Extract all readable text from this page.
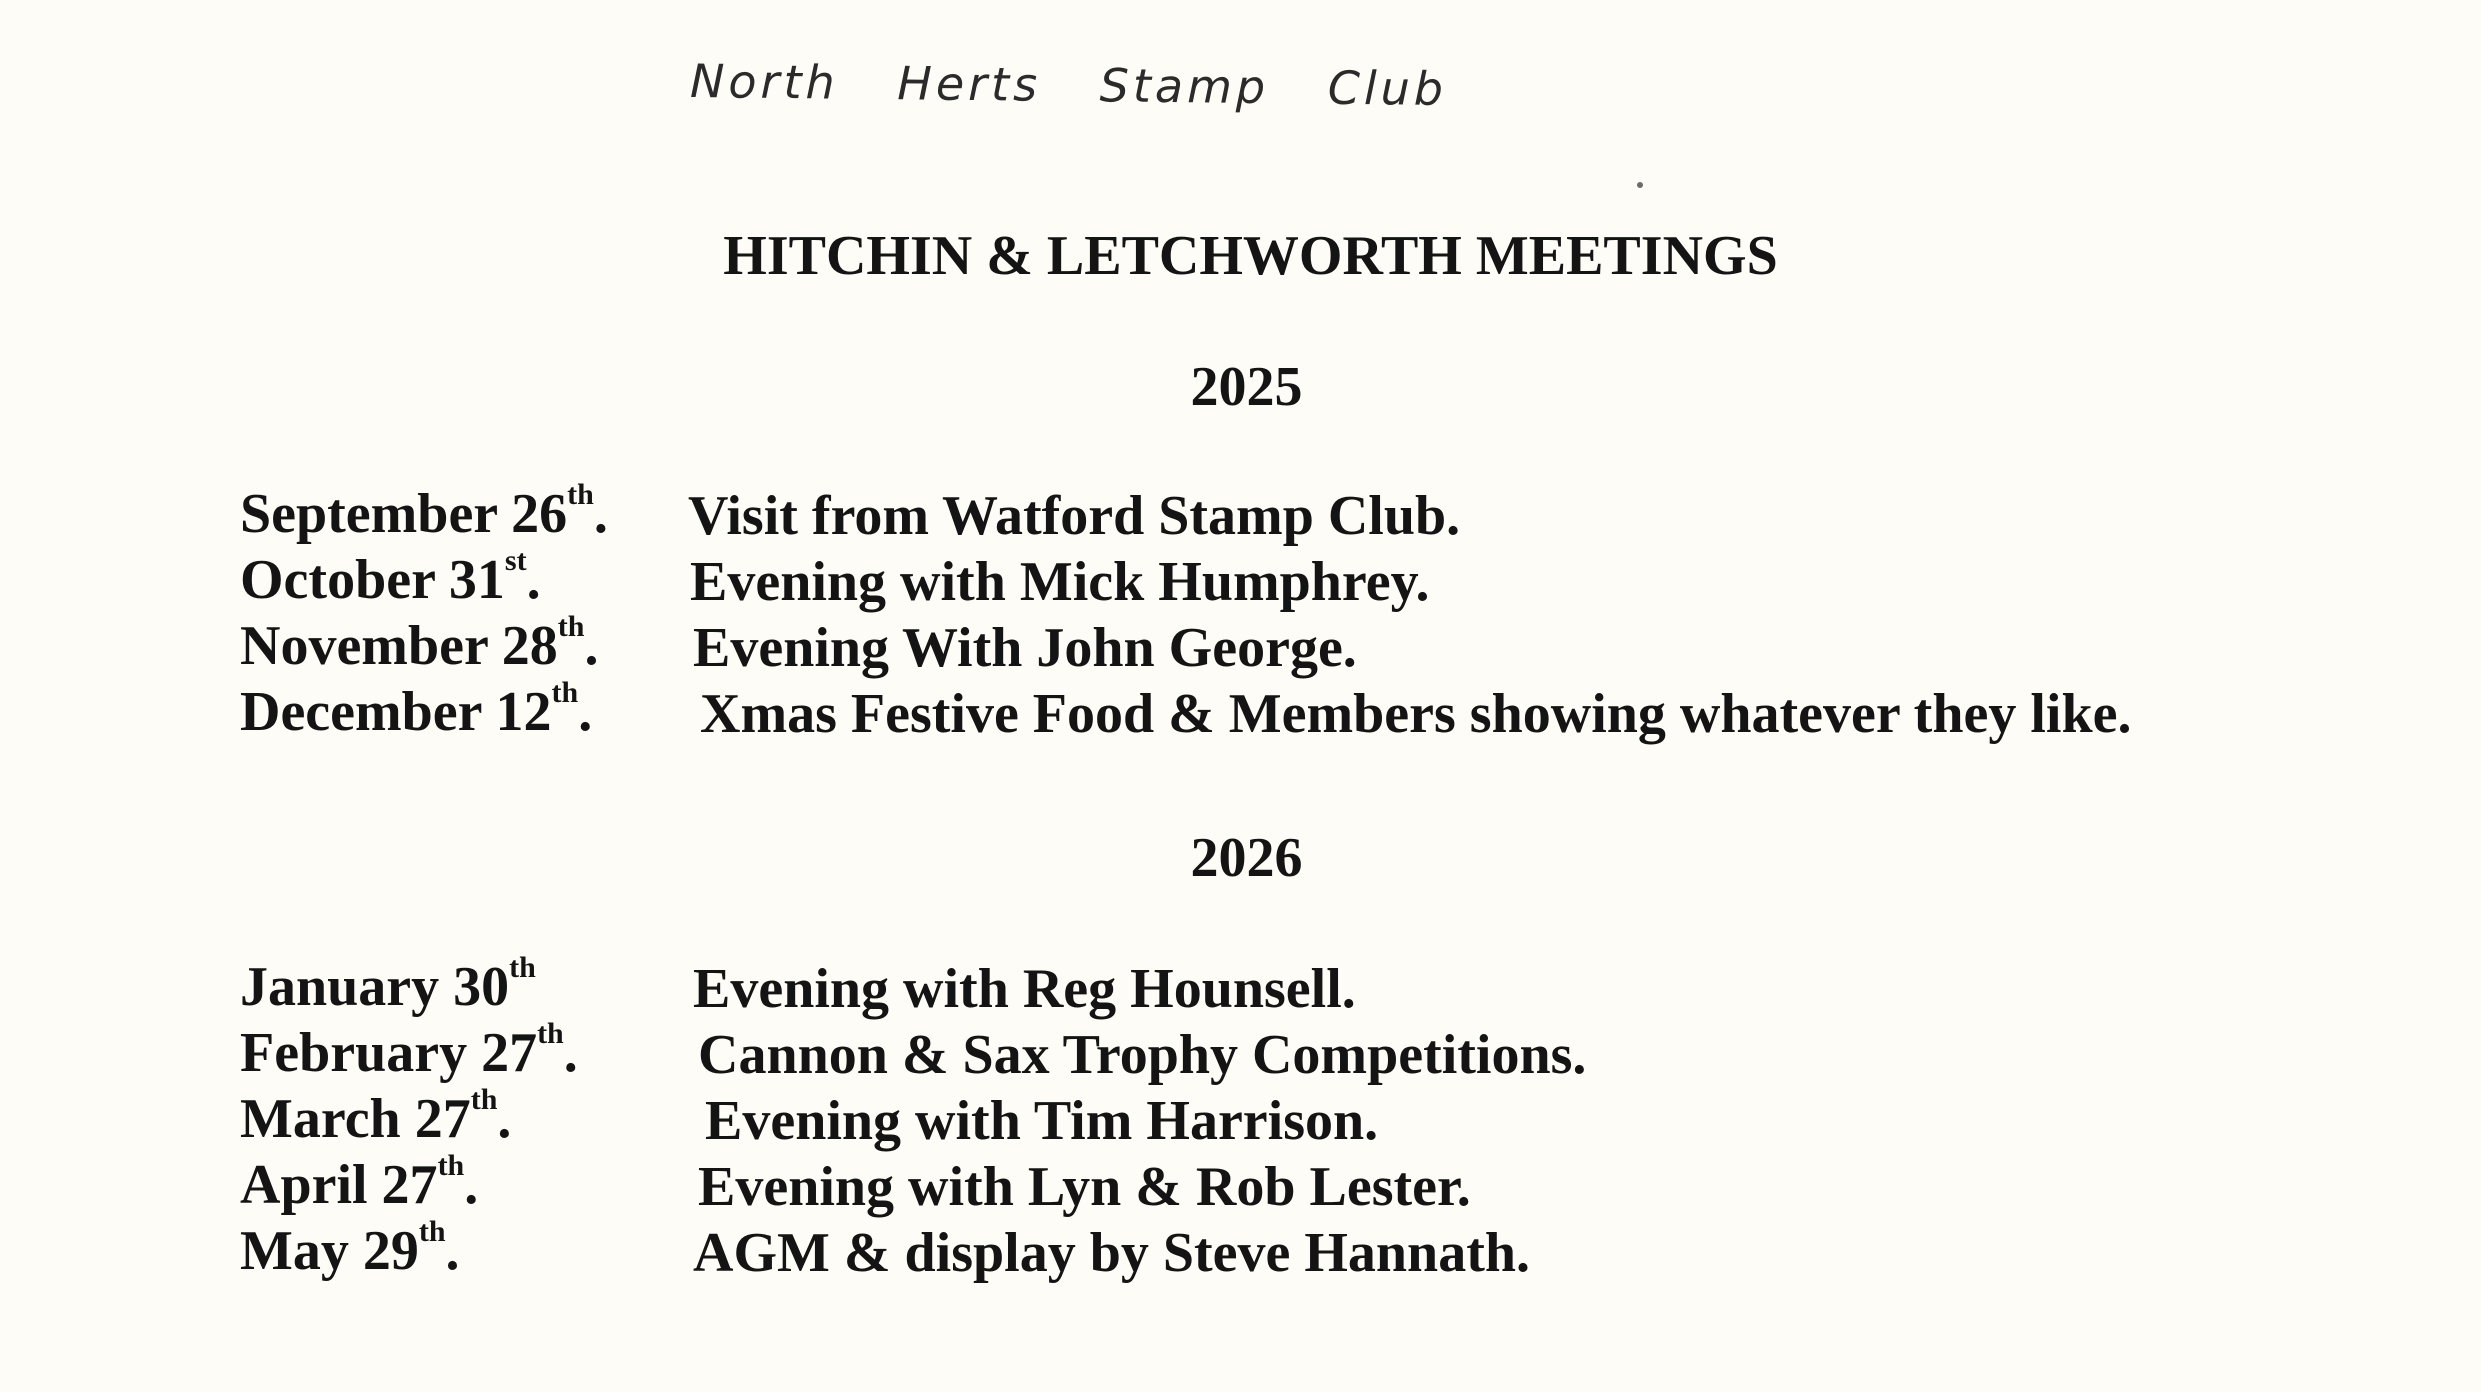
North Herts Stamp Club
HITCHIN & LETCHWORTH MEETINGS
2025
September 26th. Visit from Watford Stamp Club.
October 31st.	Evening with Mick Humphrey.
November 28th. Evening With John George.
December 12th. Xmas Festive Food & Members showing whatever they like.
2026
January 30th	Evening with Reg Hounsell.
February 27th. Cannon & Sax Trophy Competitions.
March 27th.	Evening with Tim Harrison.
April 27th.	Evening with Lyn & Rob Lester.
May 29th.	AGM & display by Steve Hannath.
